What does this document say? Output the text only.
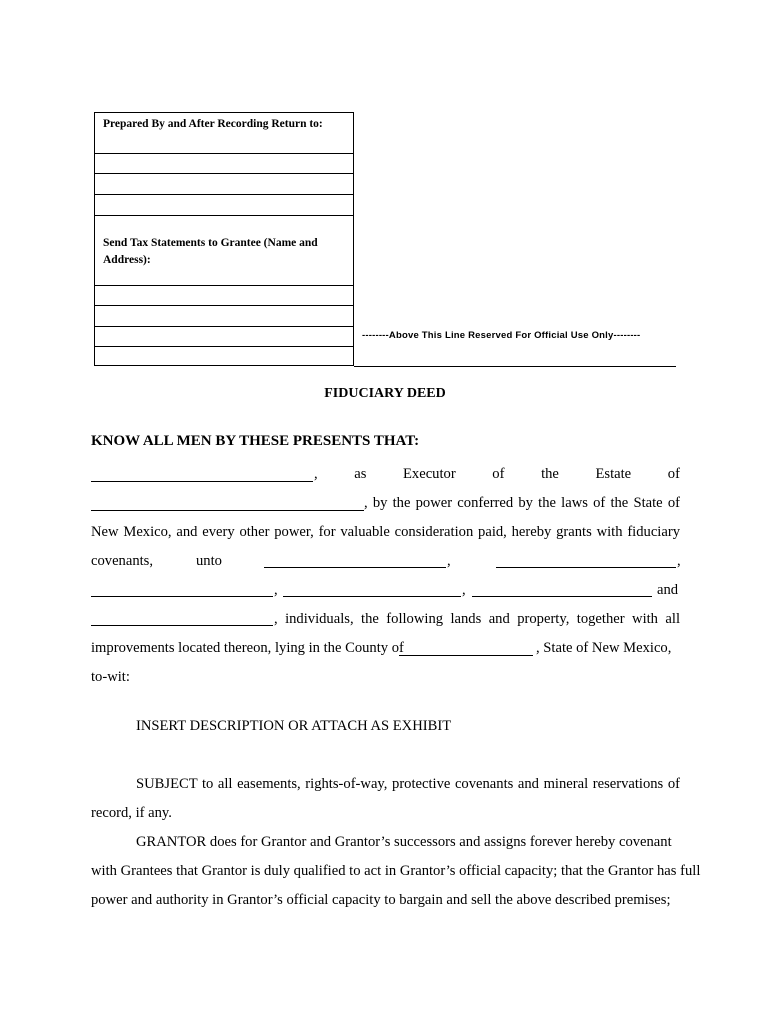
Prepared By and After Recording Return to:
Send Tax Statements to Grantee (Name and Address):
--------Above This Line Reserved For Official Use Only--------
FIDUCIARY DEED
KNOW ALL MEN BY THESE PRESENTS THAT:
,	as	Executor	of	the	Estate	of
, by the power conferred by the laws of the State of
New Mexico, and every other power, for valuable consideration paid, hereby grants with fiduciary
covenants,	unto	,	,
,	,	and
, individuals, the following lands and property, together with all
improvements located thereon, lying in the County of	, State of New Mexico,
to-wit:
INSERT DESCRIPTION OR ATTACH AS EXHIBIT
SUBJECT to all easements, rights-of-way, protective covenants and mineral reservations of
record, if any.
GRANTOR does for Grantor and Grantor’s successors and assigns forever hereby covenant
with Grantees that Grantor is duly qualified to act in Grantor’s official capacity; that the Grantor has full
power and authority in Grantor’s official capacity to bargain and sell the above described premises;
